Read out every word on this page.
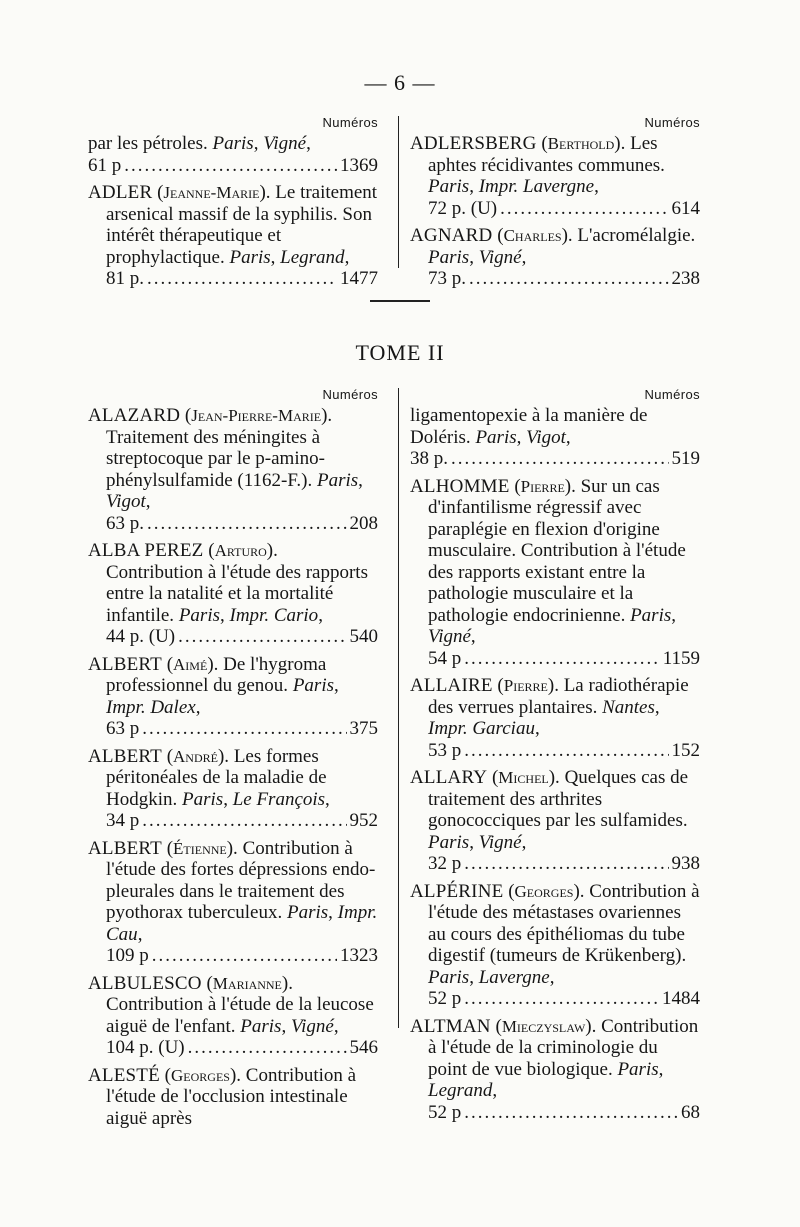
— 6 —
Numéros
par les pétroles. Paris, Vigné,
61 p .....	1369
ADLER (Jeanne-Marie). Le traitement arsenical massif de la syphilis. Son intérêt thérapeutique et prophylactique. Paris, Legrand,
81 p. .....	1477
Numéros
ADLERSBERG (Berthold). Les aphtes récidivantes communes. Paris, Impr. Lavergne,
72 p. (U) .....	614
AGNARD (Charles). L'acromélalgie. Paris, Vigné,
73 p. .....	238
TOME II
Numéros
ALAZARD (Jean-Pierre-Marie). Traitement des méningites à streptocoque par le p-amino-phénylsulfamide (1162-F.). Paris, Vigot,
63 p. .....	208
ALBA PEREZ (Arturo). Contribution à l'étude des rapports entre la natalité et la mortalité infantile. Paris, Impr. Cario,
44 p. (U) .....	540
ALBERT (Aimé). De l'hygroma professionnel du genou. Paris, Impr. Dalex,
63 p .....	375
ALBERT (André). Les formes péritonéales de la maladie de Hodgkin. Paris, Le François,
34 p .....	952
ALBERT (Étienne). Contribution à l'étude des fortes dépressions endo-pleurales dans le traitement des pyothorax tuberculeux. Paris, Impr. Cau,
109 p .....	1323
ALBULESCO (Marianne). Contribution à l'étude de la leucose aiguë de l'enfant. Paris, Vigné,
104 p. (U) .....	546
ALESTÉ (Georges). Contribution à l'étude de l'occlusion intestinale aiguë après
Numéros
ligamentopexie à la manière de Doléris. Paris, Vigot,
38 p. .....	519
ALHOMME (Pierre). Sur un cas d'infantilisme régressif avec paraplégie en flexion d'origine musculaire. Contribution à l'étude des rapports existant entre la pathologie musculaire et la pathologie endocrinienne. Paris, Vigné,
54 p .....	1159
ALLAIRE (Pierre). La radiothérapie des verrues plantaires. Nantes, Impr. Garciau,
53 p .....	152
ALLARY (Michel). Quelques cas de traitement des arthrites gonococciques par les sulfamides. Paris, Vigné,
32 p .....	938
ALPÉRINE (Georges). Contribution à l'étude des métastases ovariennes au cours des épithéliomas du tube digestif (tumeurs de Krükenberg). Paris, Lavergne,
52 p .....	1484
ALTMAN (Mieczyslaw). Contribution à l'étude de la criminologie du point de vue biologique. Paris, Legrand,
52 p .....	68
